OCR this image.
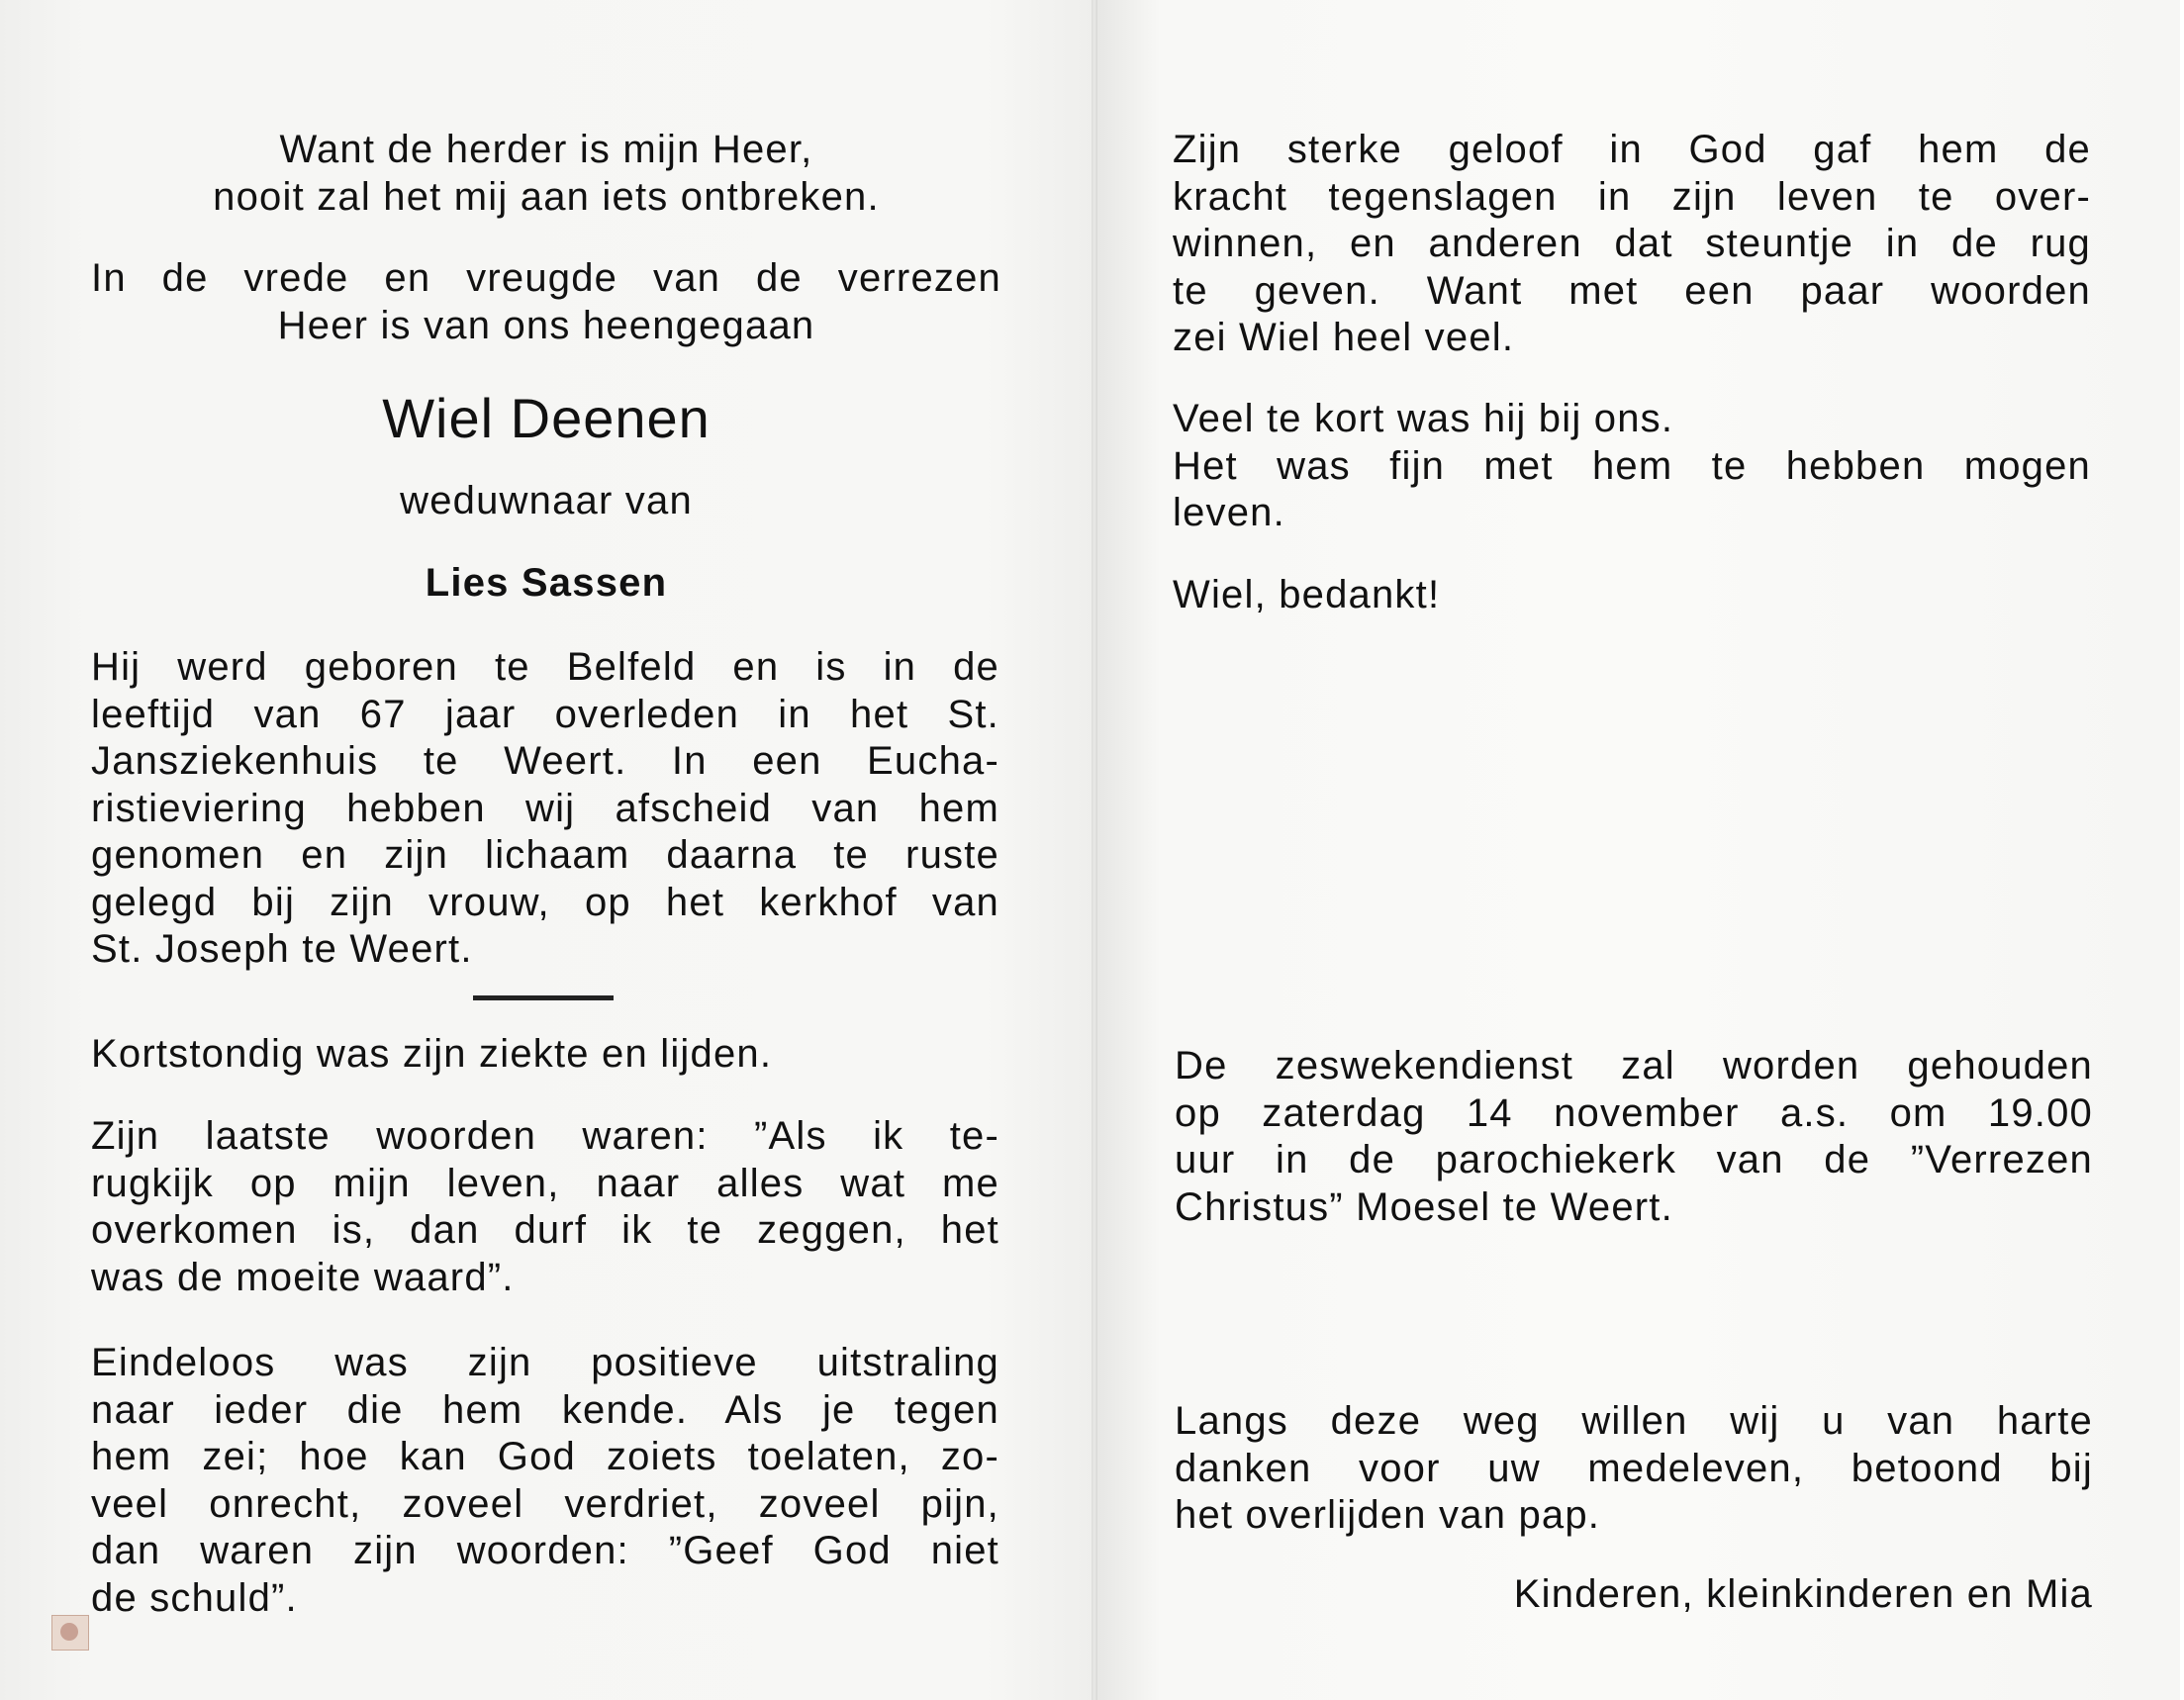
Want de herder is mijn Heer,
nooit zal het mij aan iets ontbreken.
In de vrede en vreugde van de verrezen
Heer is van ons heengegaan
Wiel Deenen
weduwnaar van
Lies Sassen
Hij werd geboren te Belfeld en is in de
leeftijd van 67 jaar overleden in het St.
Jansziekenhuis te Weert. In een Eucha-
ristieviering hebben wij afscheid van hem
genomen en zijn lichaam daarna te ruste
gelegd bij zijn vrouw, op het kerkhof van
St. Joseph te Weert.
Kortstondig was zijn ziekte en lijden.
Zijn laatste woorden waren: ”Als ik te-
rugkijk op mijn leven, naar alles wat me
overkomen is, dan durf ik te zeggen, het
was de moeite waard”.
Eindeloos was zijn positieve uitstraling
naar ieder die hem kende. Als je tegen
hem zei; hoe kan God zoiets toelaten, zo-
veel onrecht, zoveel verdriet, zoveel pijn,
dan waren zijn woorden: ”Geef God niet
de schuld”.
Zijn sterke geloof in God gaf hem de
kracht tegenslagen in zijn leven te over-
winnen, en anderen dat steuntje in de rug
te geven. Want met een paar woorden
zei Wiel heel veel.
Veel te kort was hij bij ons.
Het was fijn met hem te hebben mogen
leven.
Wiel, bedankt!
De zeswekendienst zal worden gehouden
op zaterdag 14 november a.s. om 19.00
uur in de parochiekerk van de ”Verrezen
Christus” Moesel te Weert.
Langs deze weg willen wij u van harte
danken voor uw medeleven, betoond bij
het overlijden van pap.
Kinderen, kleinkinderen en Mia
